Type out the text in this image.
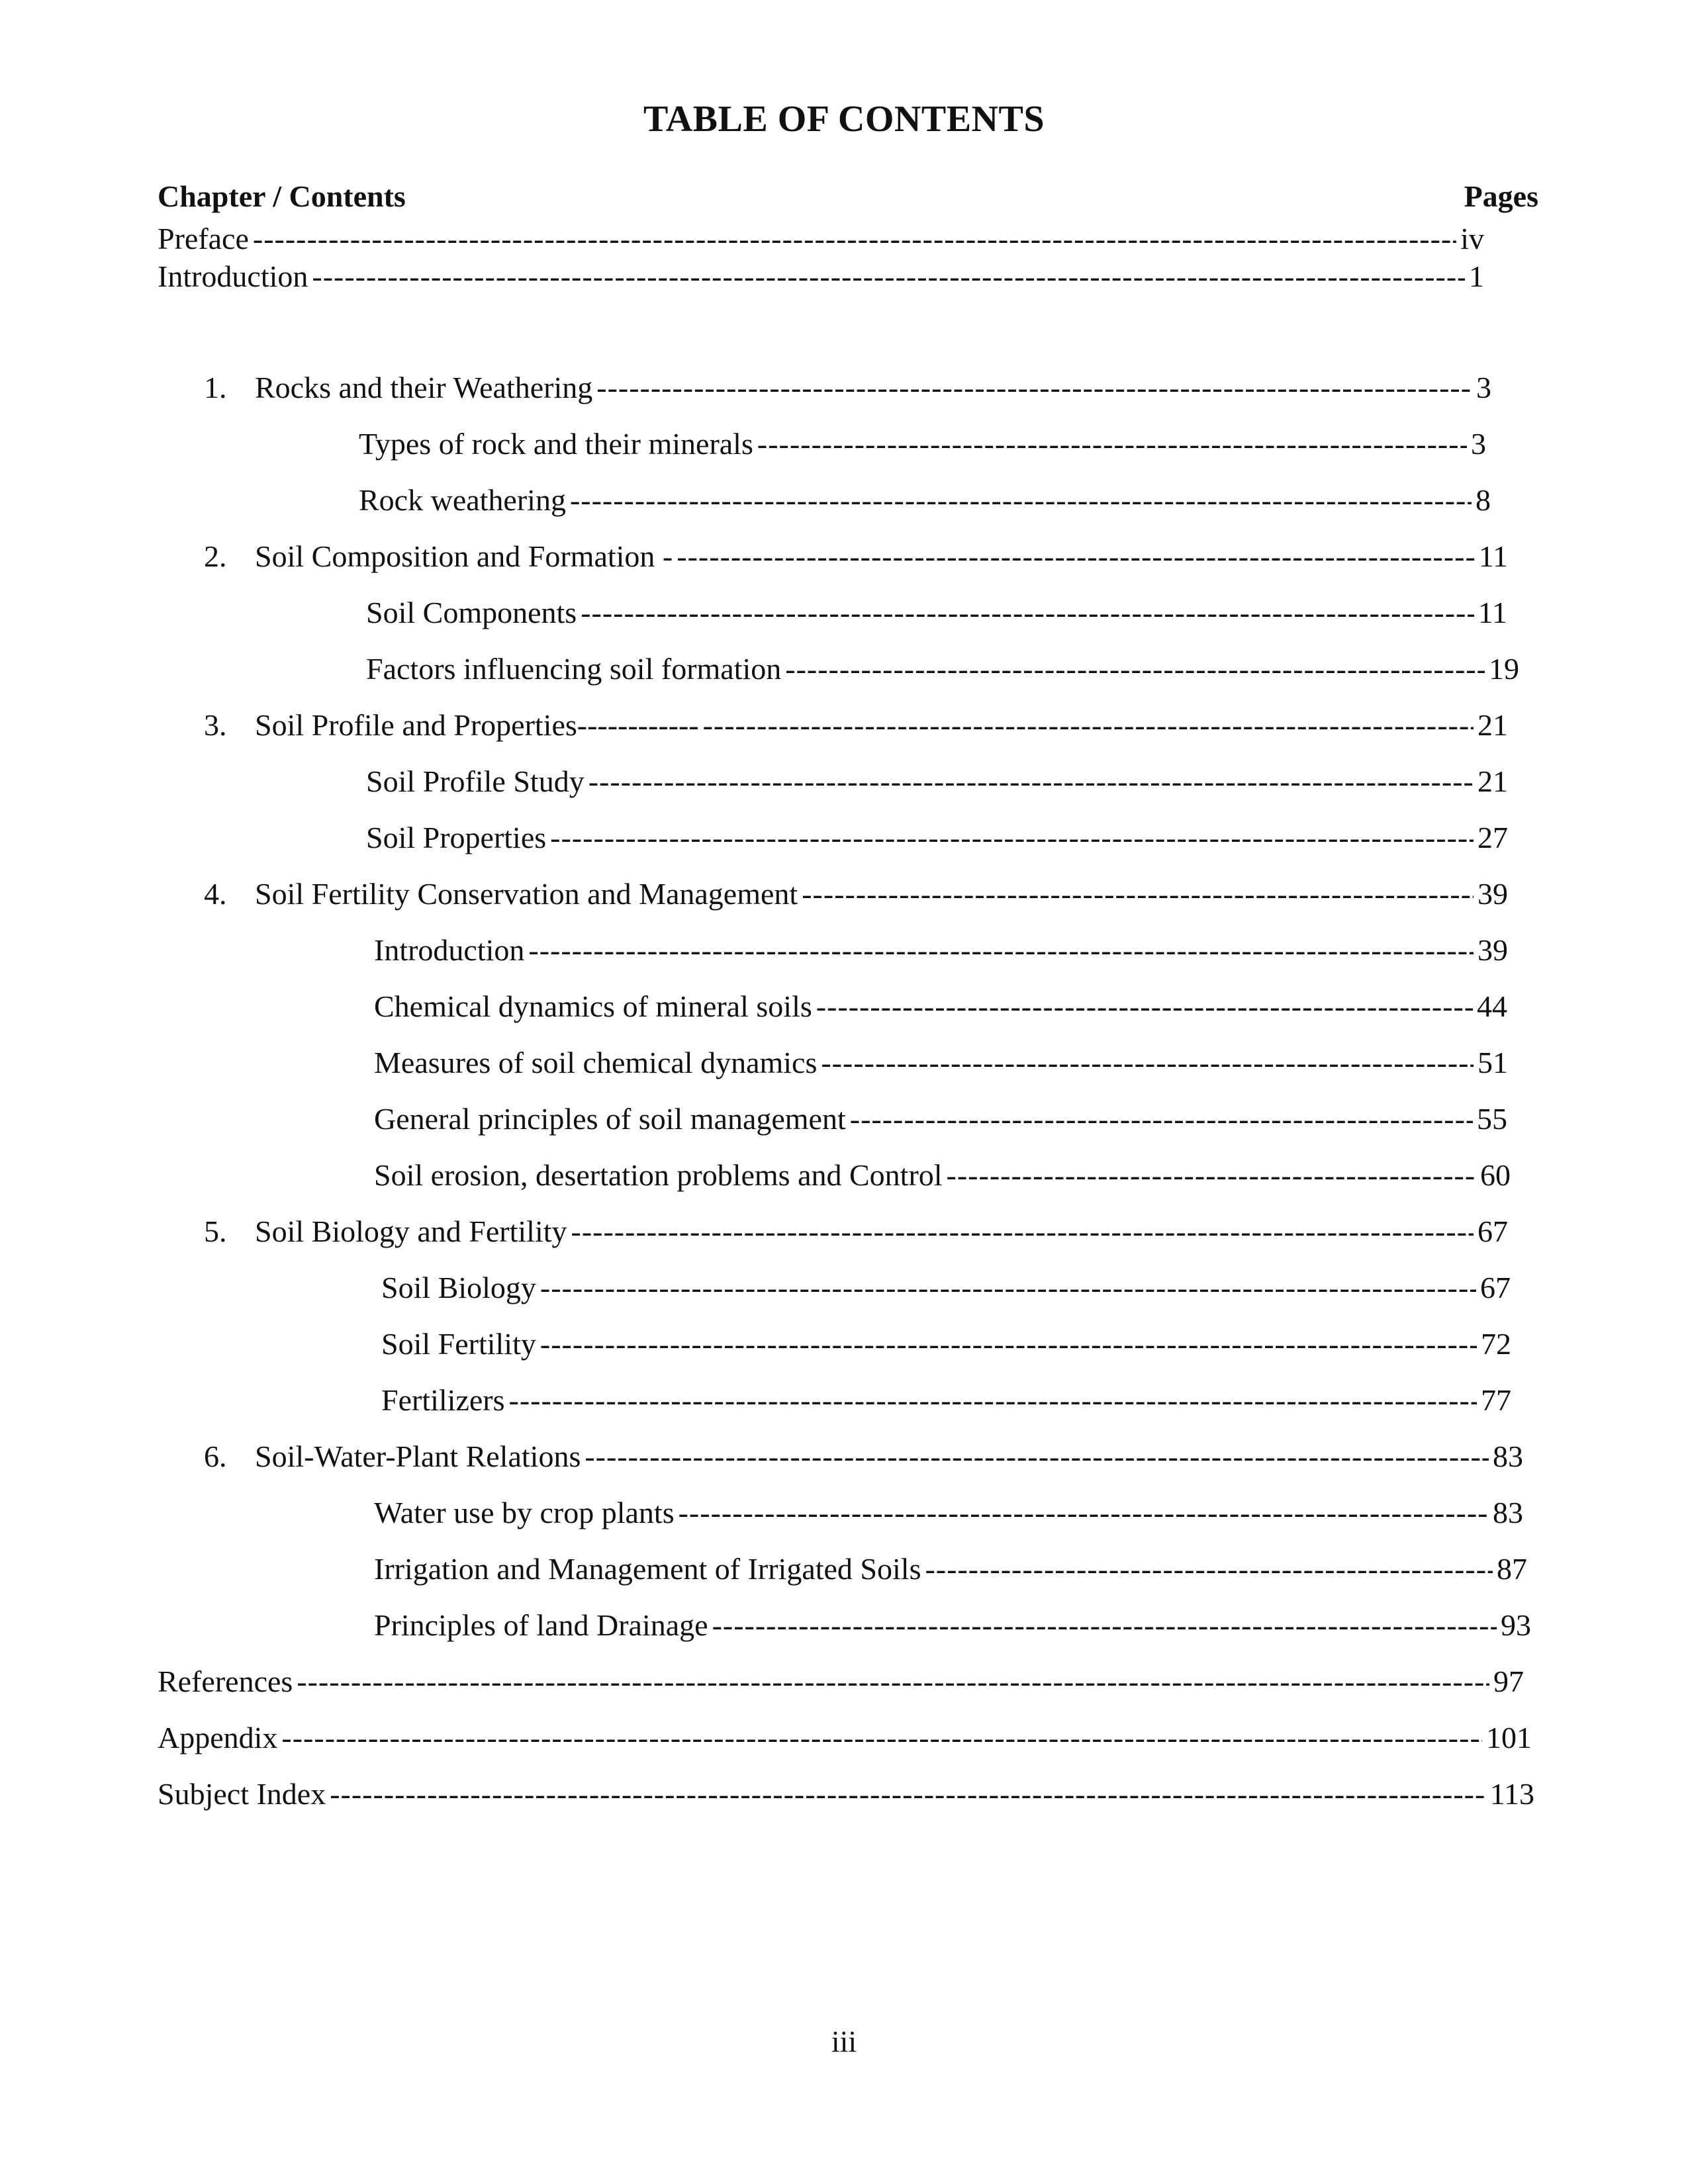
TABLE OF CONTENTS
Chapter / Contents	Pages
Preface -----	iv
Introduction -----	1
1. Rocks and their Weathering -----	3
Types of rock and their minerals -----	3
Rock weathering -----	8
2. Soil Composition and Formation - -----	11
Soil Components -----	11
Factors influencing soil formation -----	19
3. Soil Profile and Properties------------ -----	21
Soil Profile Study -----	21
Soil Properties -----	27
4. Soil Fertility Conservation and Management -----	39
Introduction -----	39
Chemical dynamics of mineral soils -----	44
Measures of soil chemical dynamics -----	51
General principles of soil management -----	55
Soil erosion, desertation problems and Control -----	60
5. Soil Biology and Fertility -----	67
Soil Biology -----	67
Soil Fertility -----	72
Fertilizers -----	77
6. Soil-Water-Plant Relations -----	83
Water use by crop plants -----	83
Irrigation and Management of Irrigated Soils -----	87
Principles of land Drainage -----	93
References -----	97
Appendix -----	101
Subject Index -----	113
iii
